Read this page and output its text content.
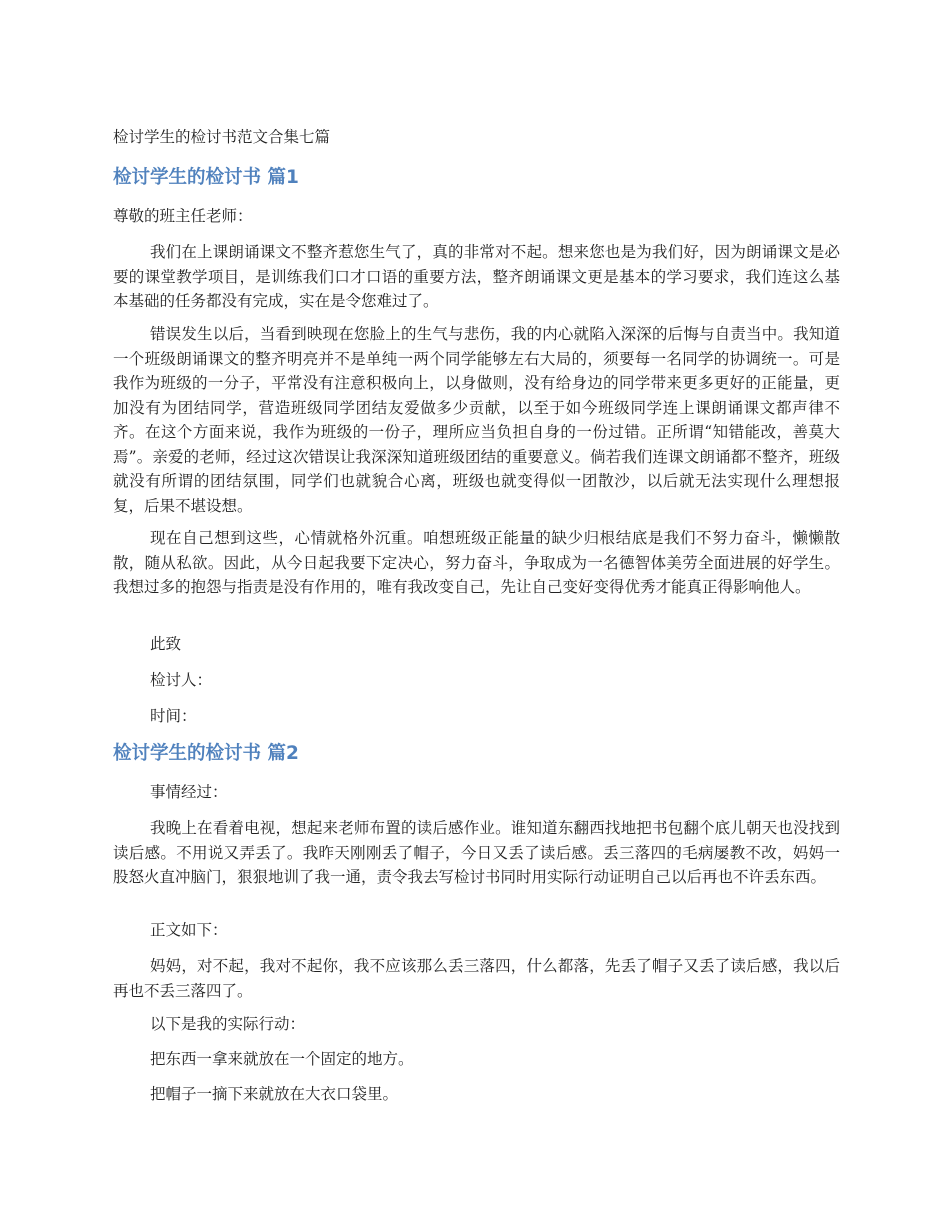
检讨学生的检讨书范文合集七篇
检讨学生的检讨书 篇1

尊敬的班主任老师：

我们在上课朗诵课文不整齐惹您生气了，真的非常对不起。想来您也是为我们好，因为朗诵课文是必要的课堂教学项目，是训练我们口才口语的重要方法，整齐朗诵课文更是基本的学习要求，我们连这么基本基础的任务都没有完成，实在是令您难过了。

错误发生以后，当看到映现在您脸上的生气与悲伤，我的内心就陷入深深的后悔与自责当中。我知道一个班级朗诵课文的整齐明亮并不是单纯一两个同学能够左右大局的，须要每一名同学的协调统一。可是我作为班级的一分子，平常没有注意积极向上，以身做则，没有给身边的同学带来更多更好的正能量，更加没有为团结同学，营造班级同学团结友爱做多少贡献，以至于如今班级同学连上课朗诵课文都声律不齐。在这个方面来说，我作为班级的一份子，理所应当负担自身的一份过错。正所谓“知错能改，善莫大焉”。亲爱的老师，经过这次错误让我深深知道班级团结的重要意义。倘若我们连课文朗诵都不整齐，班级就没有所谓的团结氛围，同学们也就貌合心离，班级也就变得似一团散沙，以后就无法实现什么理想报复，后果不堪设想。

现在自己想到这些，心情就格外沉重。咱想班级正能量的缺少归根结底是我们不努力奋斗，懒懒散散，随从私欲。因此，从今日起我要下定决心，努力奋斗，争取成为一名德智体美劳全面进展的好学生。我想过多的抱怨与指责是没有作用的，唯有我改变自己，先让自己变好变得优秀才能真正得影响他人。

此致

检讨人：

时间：

检讨学生的检讨书 篇2

事情经过：

我晚上在看着电视，想起来老师布置的读后感作业。谁知道东翻西找地把书包翻个底儿朝天也没找到读后感。不用说又弄丢了。我昨天刚刚丢了帽子，今日又丢了读后感。丢三落四的毛病屡教不改，妈妈一股怒火直冲脑门，狠狠地训了我一通，责令我去写检讨书同时用实际行动证明自己以后再也不许丢东西。

正文如下：

妈妈，对不起，我对不起你，我不应该那么丢三落四，什么都落，先丢了帽子又丢了读后感，我以后再也不丢三落四了。

以下是我的实际行动：

把东西一拿来就放在一个固定的地方。

把帽子一摘下来就放在大衣口袋里。
